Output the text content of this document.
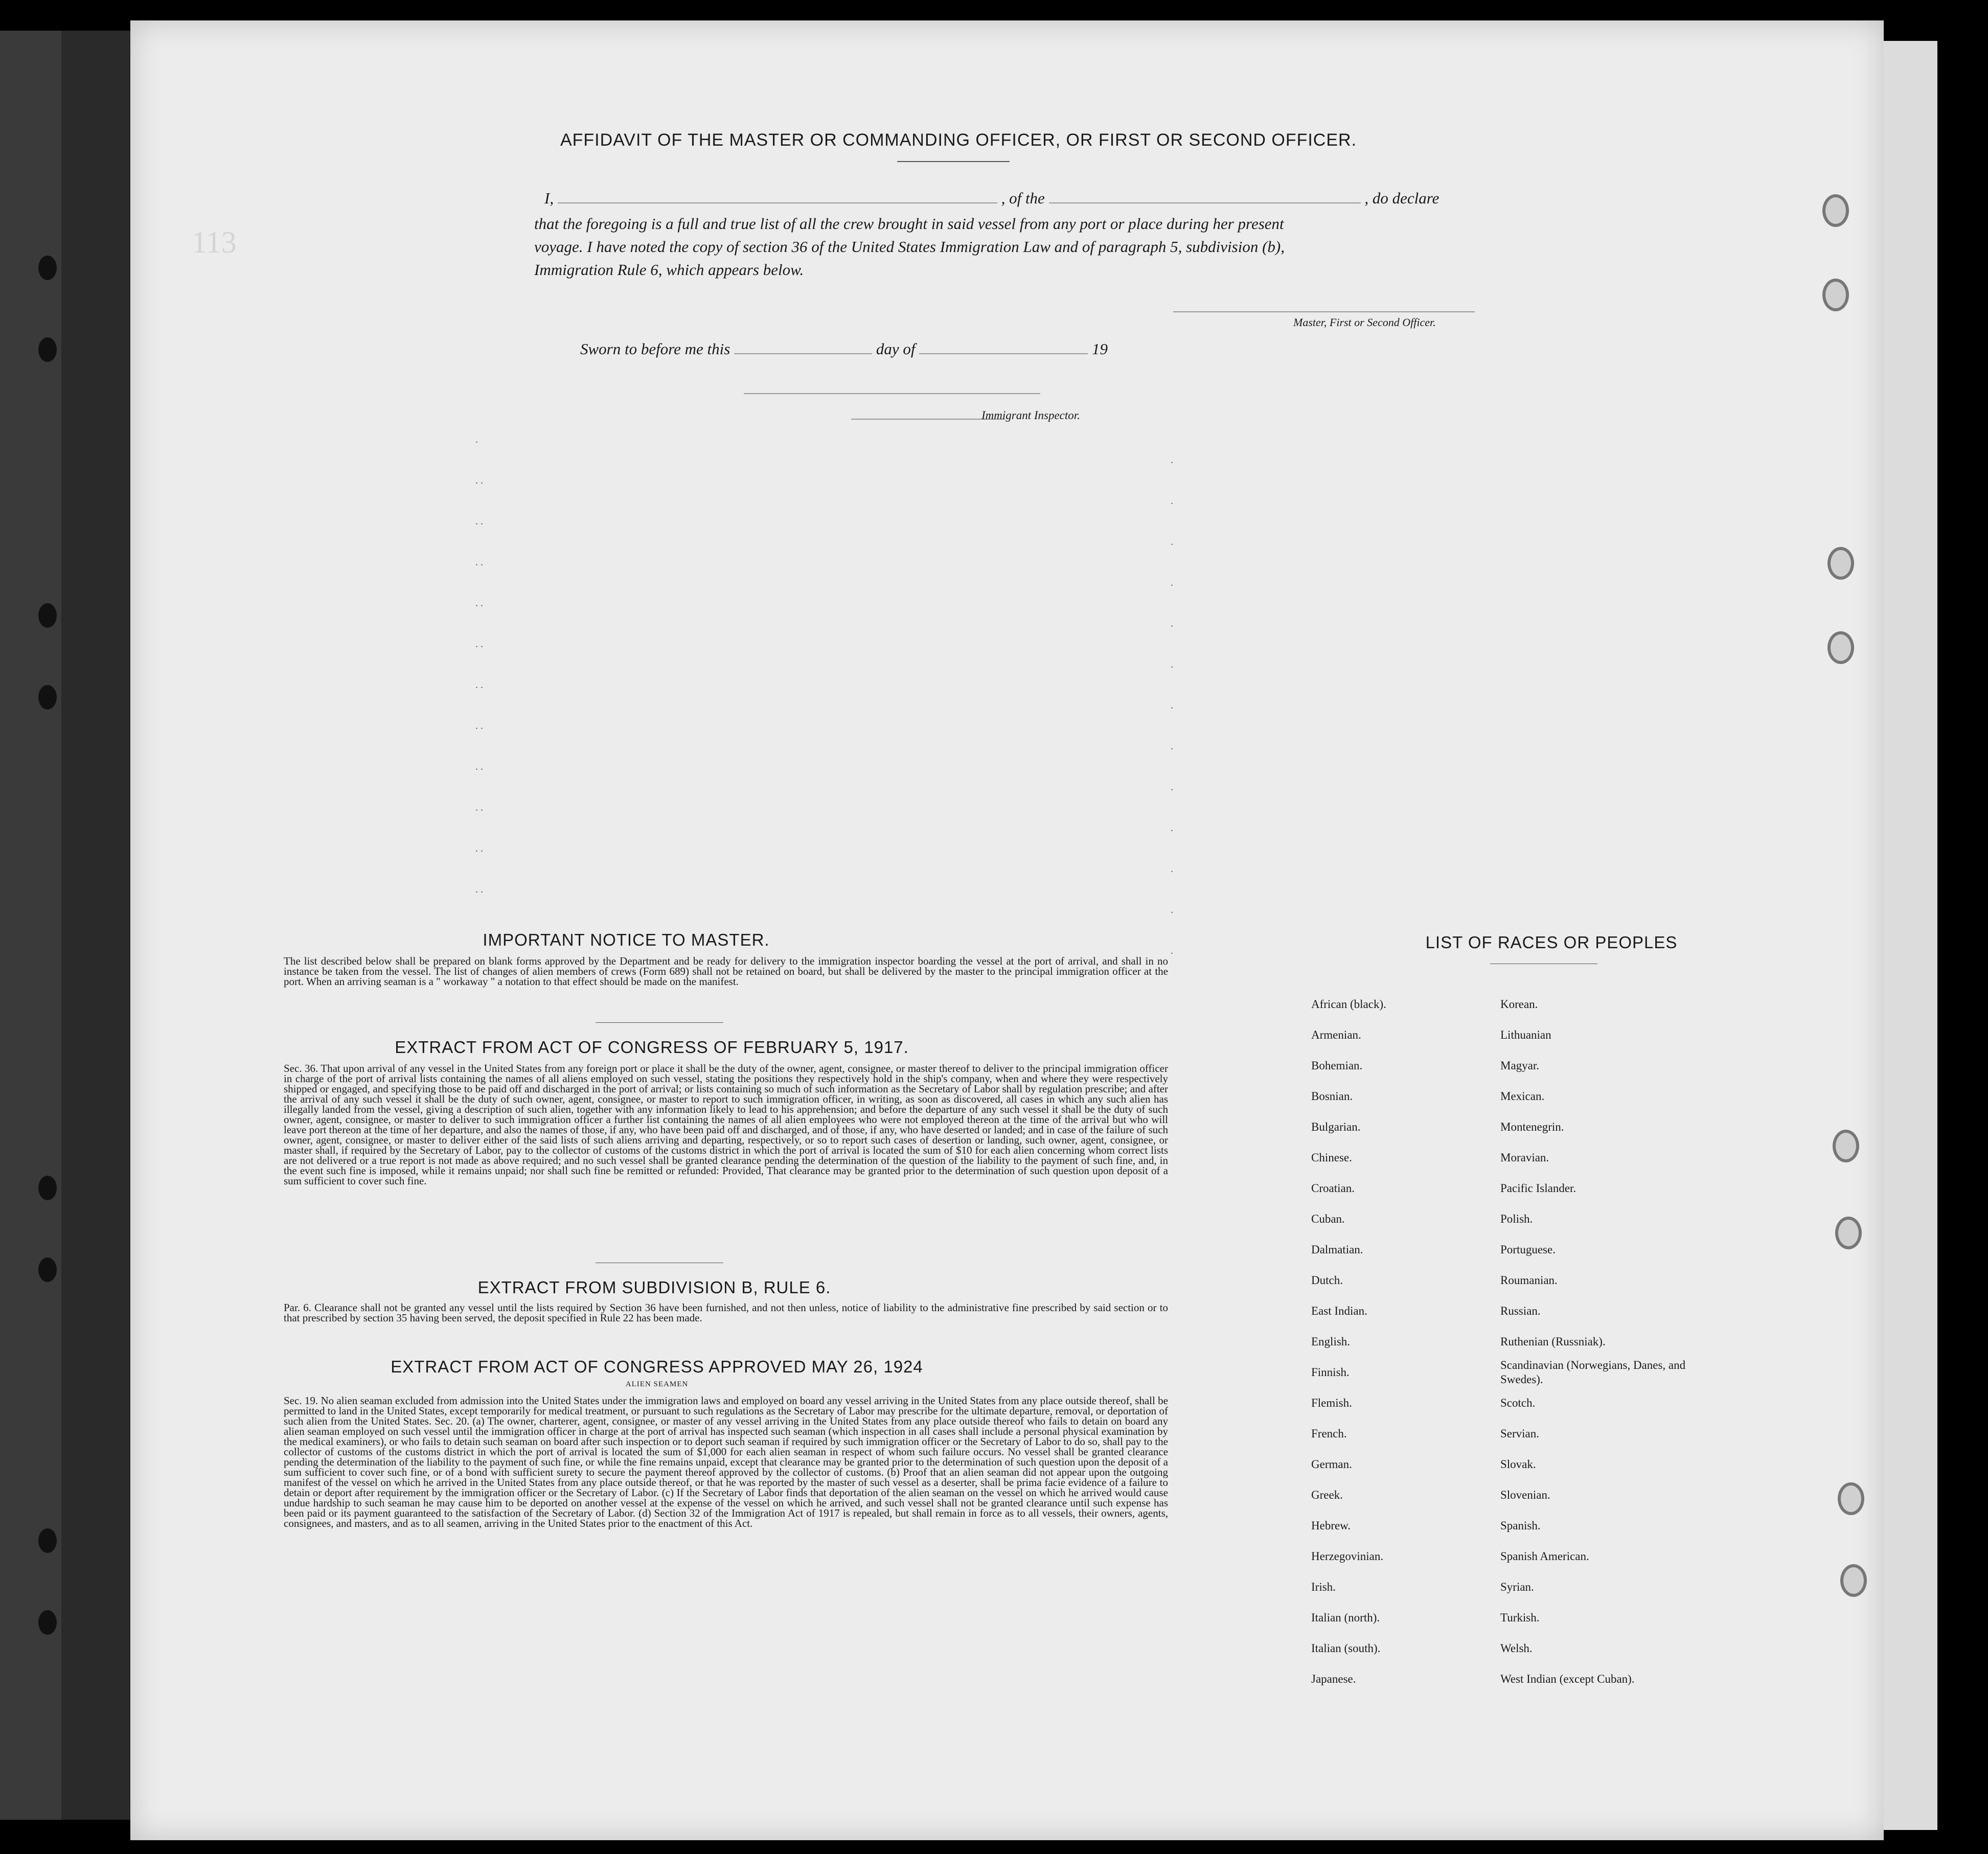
113
AFFIDAVIT OF THE MASTER OR COMMANDING OFFICER, OR FIRST OR SECOND OFFICER.
I,	, of the	, do declare
that the foregoing is a full and true list of all the crew brought in said vessel from any port or place during her present
voyage. I have noted the copy of section 36 of the United States Immigration Law and of paragraph 5, subdivision (b),
Immigration Rule 6, which appears below.
Master, First or Second Officer.
Sworn to before me this	day of	19
Immigrant Inspector.
.
. .
. .
. .
. .
. .
. .
. .
. .
. .
. .
. .
.
.
.
.
.
.
.
.
.
.
.
.
.
IMPORTANT NOTICE TO MASTER.
The list described below shall be prepared on blank forms approved by the Department and be ready for delivery to the immigration inspector boarding the vessel at the port of arrival, and shall in no instance be taken from the vessel. The list of changes of alien members of crews (Form 689) shall not be retained on board, but shall be delivered by the master to the principal immigration officer at the port. When an arriving seaman is a " workaway " a notation to that effect should be made on the manifest.
EXTRACT FROM ACT OF CONGRESS OF FEBRUARY 5, 1917.
Sec. 36. That upon arrival of any vessel in the United States from any foreign port or place it shall be the duty of the owner, agent, consignee, or master thereof to deliver to the principal immigration officer in charge of the port of arrival lists containing the names of all aliens employed on such vessel, stating the positions they respectively hold in the ship's company, when and where they were respectively shipped or engaged, and specifying those to be paid off and discharged in the port of arrival; or lists containing so much of such information as the Secretary of Labor shall by regulation prescribe; and after the arrival of any such vessel it shall be the duty of such owner, agent, consignee, or master to report to such immigration officer, in writing, as soon as discovered, all cases in which any such alien has illegally landed from the vessel, giving a description of such alien, together with any information likely to lead to his apprehension; and before the departure of any such vessel it shall be the duty of such owner, agent, consignee, or master to deliver to such immigration officer a further list containing the names of all alien employees who were not employed thereon at the time of the arrival but who will leave port thereon at the time of her departure, and also the names of those, if any, who have been paid off and discharged, and of those, if any, who have deserted or landed; and in case of the failure of such owner, agent, consignee, or master to deliver either of the said lists of such aliens arriving and departing, respectively, or so to report such cases of desertion or landing, such owner, agent, consignee, or master shall, if required by the Secretary of Labor, pay to the collector of customs of the customs district in which the port of arrival is located the sum of $10 for each alien concerning whom correct lists are not delivered or a true report is not made as above required; and no such vessel shall be granted clearance pending the determination of the question of the liability to the payment of such fine, and, in the event such fine is imposed, while it remains unpaid; nor shall such fine be remitted or refunded: Provided, That clearance may be granted prior to the determination of such question upon deposit of a sum sufficient to cover such fine.
EXTRACT FROM SUBDIVISION B, RULE 6.
Par. 6. Clearance shall not be granted any vessel until the lists required by Section 36 have been furnished, and not then unless, notice of liability to the administrative fine prescribed by said section or to that prescribed by section 35 having been served, the deposit specified in Rule 22 has been made.
EXTRACT FROM ACT OF CONGRESS APPROVED MAY 26, 1924
ALIEN SEAMEN
Sec. 19. No alien seaman excluded from admission into the United States under the immigration laws and employed on board any vessel arriving in the United States from any place outside thereof, shall be permitted to land in the United States, except temporarily for medical treatment, or pursuant to such regulations as the Secretary of Labor may prescribe for the ultimate departure, removal, or deportation of such alien from the United States. Sec. 20. (a) The owner, charterer, agent, consignee, or master of any vessel arriving in the United States from any place outside thereof who fails to detain on board any alien seaman employed on such vessel until the immigration officer in charge at the port of arrival has inspected such seaman (which inspection in all cases shall include a personal physical examination by the medical examiners), or who fails to detain such seaman on board after such inspection or to deport such seaman if required by such immigration officer or the Secretary of Labor to do so, shall pay to the collector of customs of the customs district in which the port of arrival is located the sum of $1,000 for each alien seaman in respect of whom such failure occurs. No vessel shall be granted clearance pending the determination of the liability to the payment of such fine, or while the fine remains unpaid, except that clearance may be granted prior to the determination of such question upon the deposit of a sum sufficient to cover such fine, or of a bond with sufficient surety to secure the payment thereof approved by the collector of customs. (b) Proof that an alien seaman did not appear upon the outgoing manifest of the vessel on which he arrived in the United States from any place outside thereof, or that he was reported by the master of such vessel as a deserter, shall be prima facie evidence of a failure to detain or deport after requirement by the immigration officer or the Secretary of Labor. (c) If the Secretary of Labor finds that deportation of the alien seaman on the vessel on which he arrived would cause undue hardship to such seaman he may cause him to be deported on another vessel at the expense of the vessel on which he arrived, and such vessel shall not be granted clearance until such expense has been paid or its payment guaranteed to the satisfaction of the Secretary of Labor. (d) Section 32 of the Immigration Act of 1917 is repealed, but shall remain in force as to all vessels, their owners, agents, consignees, and masters, and as to all seamen, arriving in the United States prior to the enactment of this Act.
LIST OF RACES OR PEOPLES
African (black).
Armenian.
Bohemian.
Bosnian.
Bulgarian.
Chinese.
Croatian.
Cuban.
Dalmatian.
Dutch.
East Indian.
English.
Finnish.
Flemish.
French.
German.
Greek.
Hebrew.
Herzegovinian.
Irish.
Italian (north).
Italian (south).
Japanese.
Korean.
Lithuanian
Magyar.
Mexican.
Montenegrin.
Moravian.
Pacific Islander.
Polish.
Portuguese.
Roumanian.
Russian.
Ruthenian (Russniak).
Scandinavian (Norwegians, Danes, and Swedes).
Scotch.
Servian.
Slovak.
Slovenian.
Spanish.
Spanish American.
Syrian.
Turkish.
Welsh.
West Indian (except Cuban).
